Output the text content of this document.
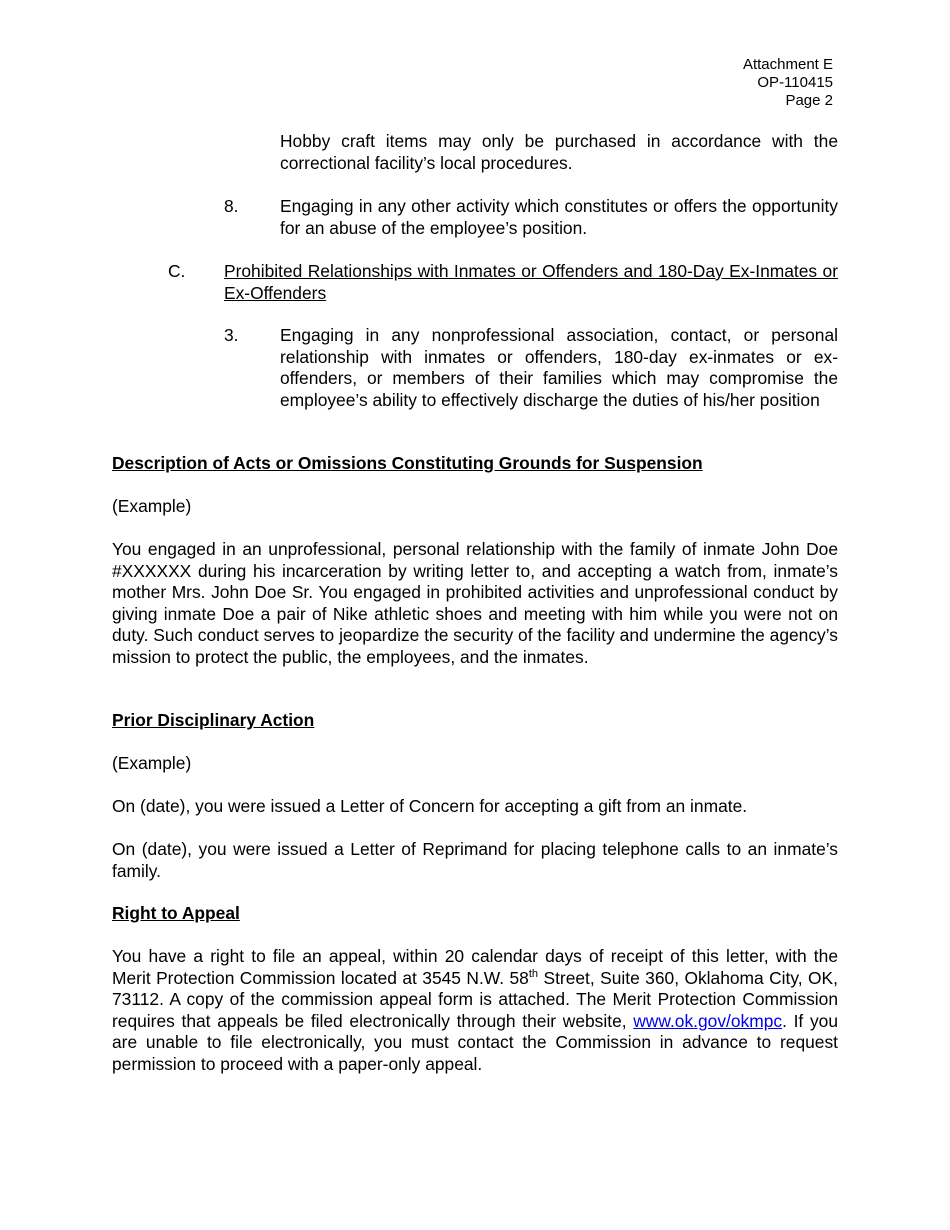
Attachment E
OP-110415
Page 2
Hobby craft items may only be purchased in accordance with the correctional facility’s local procedures.
8. Engaging in any other activity which constitutes or offers the opportunity for an abuse of the employee’s position.
C. Prohibited Relationships with Inmates or Offenders and 180-Day Ex-Inmates or Ex-Offenders
3. Engaging in any nonprofessional association, contact, or personal relationship with inmates or offenders, 180-day ex-inmates or ex-offenders, or members of their families which may compromise the employee’s ability to effectively discharge the duties of his/her position
Description of Acts or Omissions Constituting Grounds for Suspension
(Example)
You engaged in an unprofessional, personal relationship with the family of inmate John Doe #XXXXXX during his incarceration by writing letter to, and accepting a watch from, inmate’s mother Mrs. John Doe Sr. You engaged in prohibited activities and unprofessional conduct by giving inmate Doe a pair of Nike athletic shoes and meeting with him while you were not on duty. Such conduct serves to jeopardize the security of the facility and undermine the agency’s mission to protect the public, the employees, and the inmates.
Prior Disciplinary Action
(Example)
On (date), you were issued a Letter of Concern for accepting a gift from an inmate.
On (date), you were issued a Letter of Reprimand for placing telephone calls to an inmate’s family.
Right to Appeal
You have a right to file an appeal, within 20 calendar days of receipt of this letter, with the Merit Protection Commission located at 3545 N.W. 58th Street, Suite 360, Oklahoma City, OK, 73112. A copy of the commission appeal form is attached. The Merit Protection Commission requires that appeals be filed electronically through their website, www.ok.gov/okmpc. If you are unable to file electronically, you must contact the Commission in advance to request permission to proceed with a paper-only appeal.
